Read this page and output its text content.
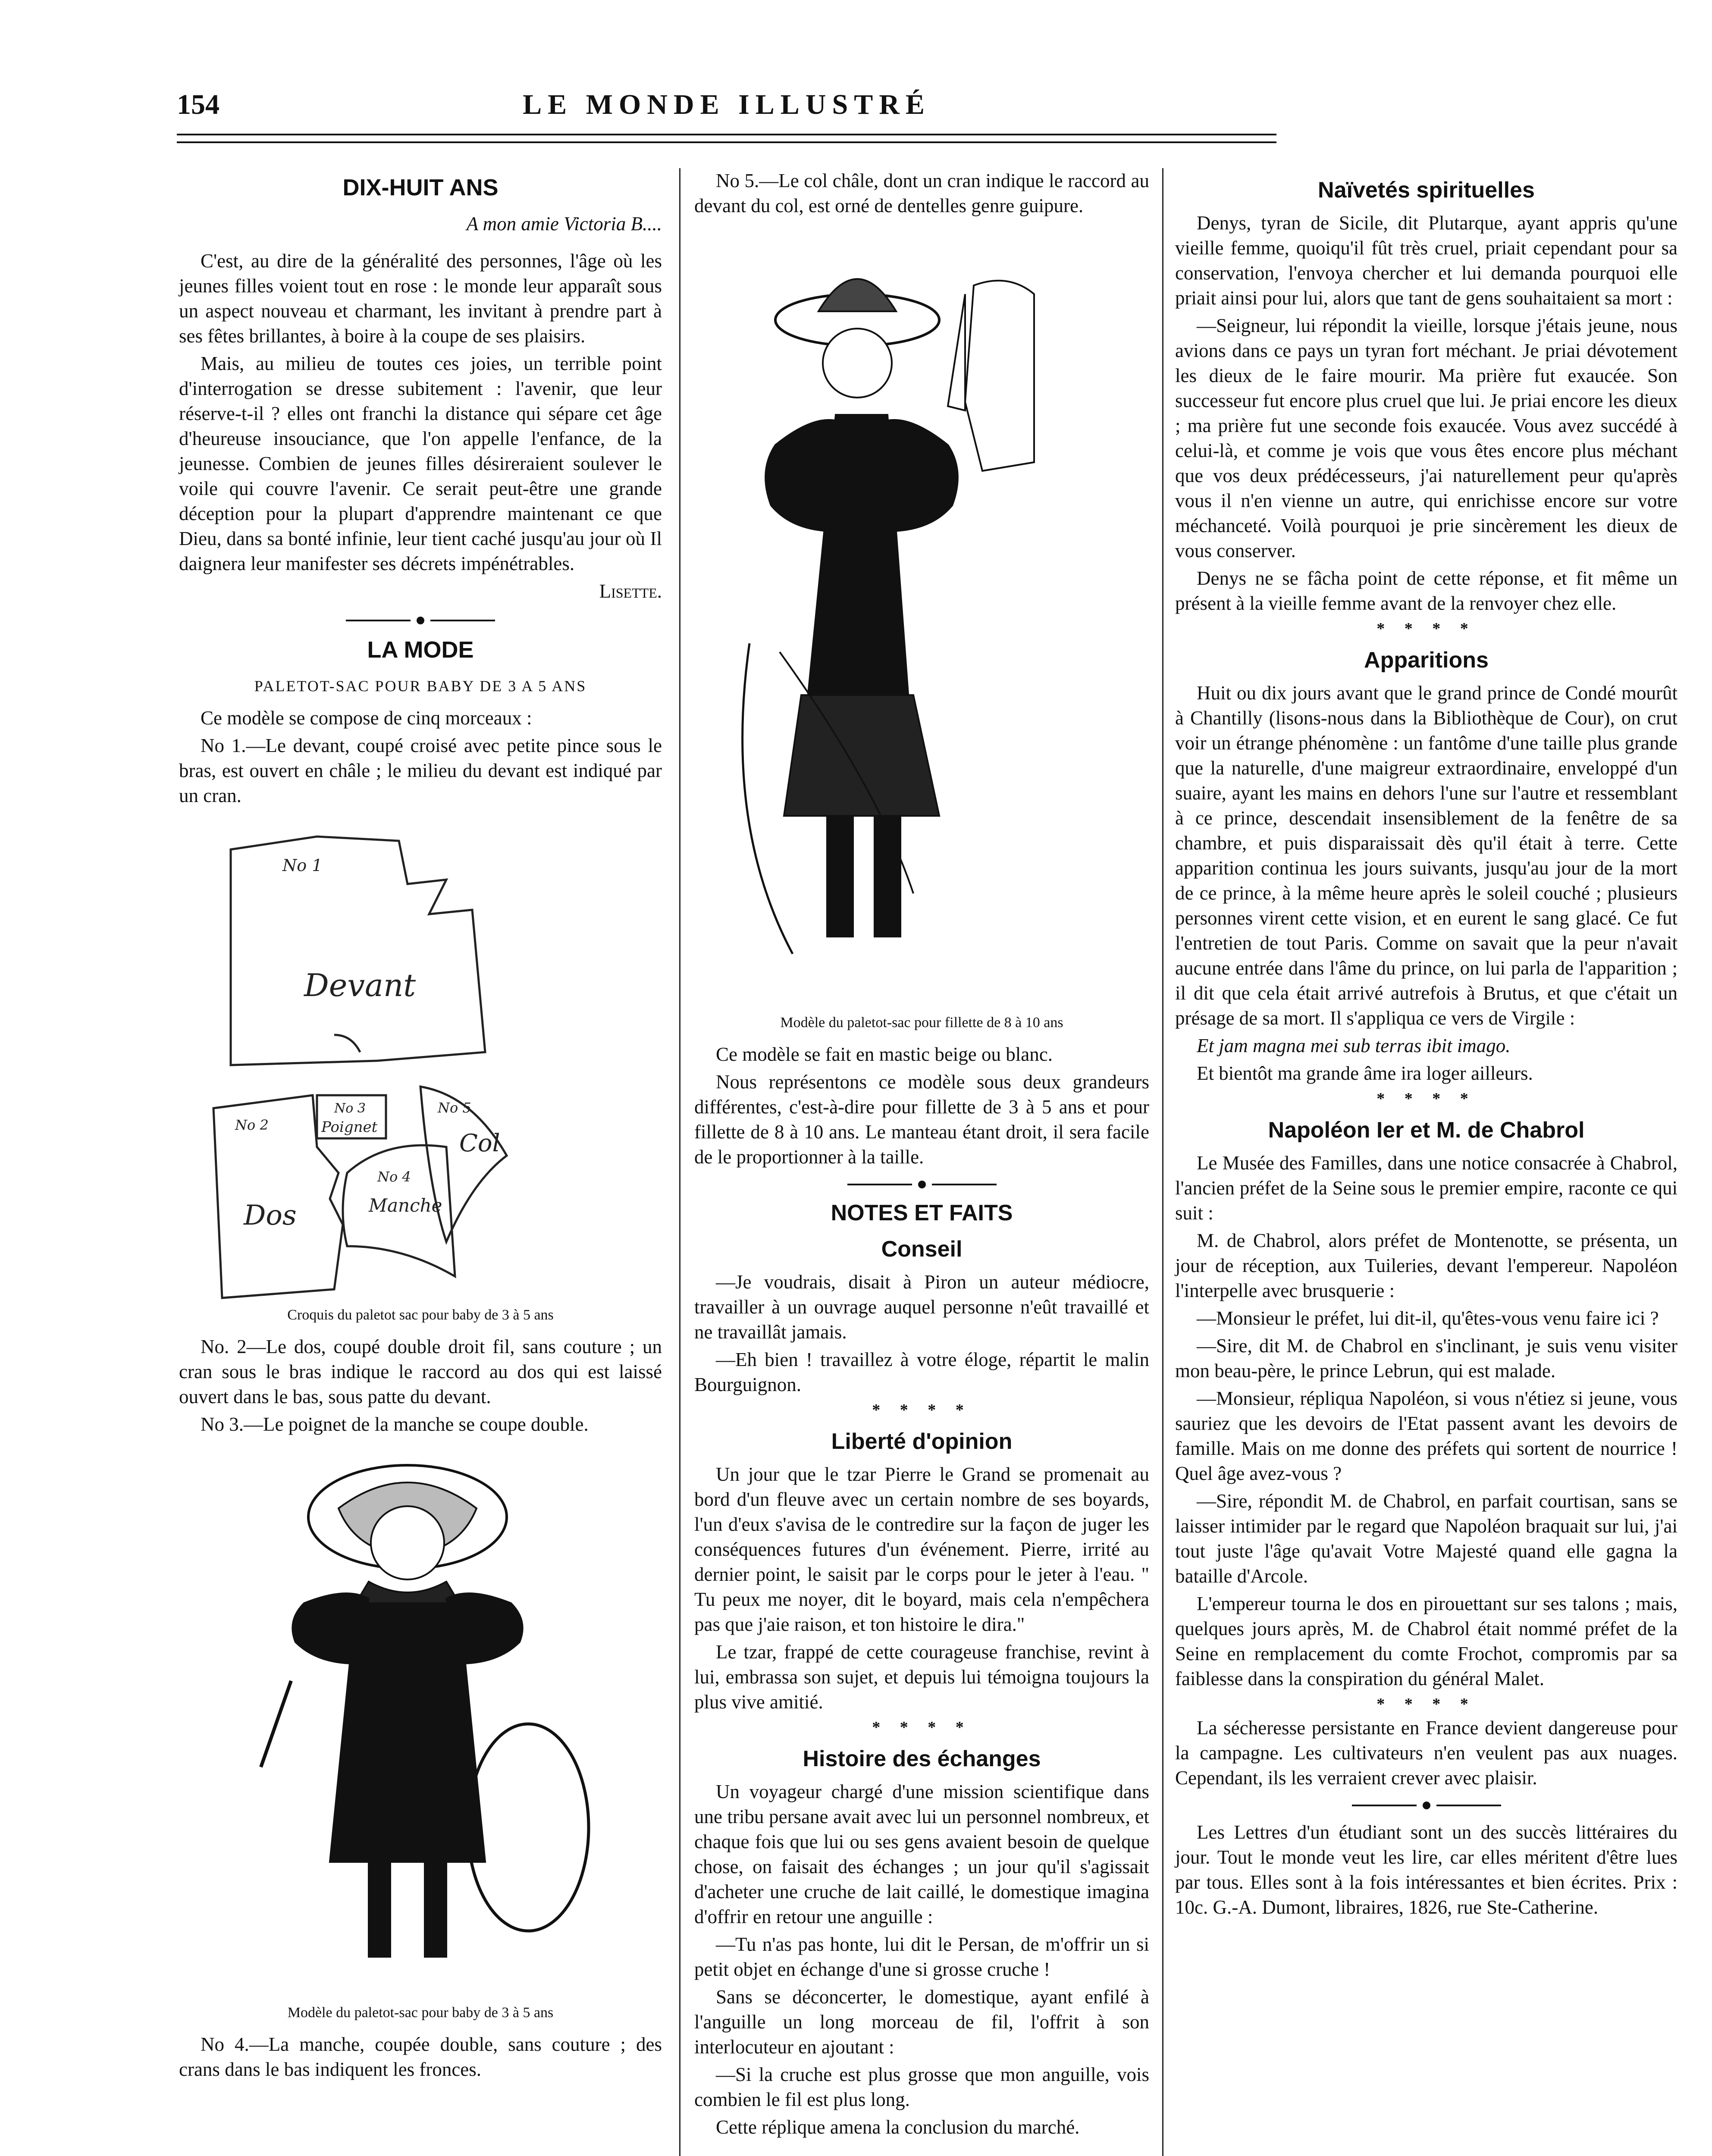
154	LE MONDE ILLUSTRÉ
DIX-HUIT ANS
A mon amie Victoria B....

C'est, au dire de la généralité des personnes, l'âge où les jeunes filles voient tout en rose : le monde leur apparaît sous un aspect nouveau et charmant, les invitant à prendre part à ses fêtes brillantes, à boire à la coupe de ses plaisirs.

Mais, au milieu de toutes ces joies, un terrible point d'interrogation se dresse subitement : l'avenir, que leur réserve-t-il ? elles ont franchi la distance qui sépare cet âge d'heureuse insouciance, que l'on appelle l'enfance, de la jeunesse. Combien de jeunes filles désireraient soulever le voile qui couvre l'avenir. Ce serait peut-être une grande déception pour la plupart d'apprendre maintenant ce que Dieu, dans sa bonté infinie, leur tient caché jusqu'au jour où Il daignera leur manifester ses décrets impénétrables.

Lisette.
LA MODE
PALETOT-SAC POUR BABY DE 3 A 5 ANS

Ce modèle se compose de cinq morceaux :

No 1.—Le devant, coupé croisé avec petite pince sous le bras, est ouvert en châle ; le milieu du devant est indiqué par un cran.

No 1
Devant
No 3
Poignet
No 5
Col
No 2
Dos
No 4
Manche
Croquis du paletot sac pour baby de 3 à 5 ans

No. 2—Le dos, coupé double droit fil, sans couture ; un cran sous le bras indique le raccord au dos qui est laissé ouvert dans le bas, sous patte du devant.

No 3.—Le poignet de la manche se coupe double.

Modèle du paletot-sac pour baby de 3 à 5 ans

No 4.—La manche, coupée double, sans couture ; des crans dans le bas indiquent les fronces.

No 5.—Le col châle, dont un cran indique le raccord au devant du col, est orné de dentelles genre guipure.

Modèle du paletot-sac pour fillette de 8 à 10 ans

Ce modèle se fait en mastic beige ou blanc.

Nous représentons ce modèle sous deux grandeurs différentes, c'est-à-dire pour fillette de 3 à 5 ans et pour fillette de 8 à 10 ans. Le manteau étant droit, il sera facile de le proportionner à la taille.

NOTES ET FAITS
Conseil

—Je voudrais, disait à Piron un auteur médiocre, travailler à un ouvrage auquel personne n'eût travaillé et ne travaillât jamais.

—Eh bien ! travaillez à votre éloge, répartit le malin Bourguignon.

* * * *
Liberté d'opinion

Un jour que le tzar Pierre le Grand se promenait au bord d'un fleuve avec un certain nombre de ses boyards, l'un d'eux s'avisa de le contredire sur la façon de juger les conséquences futures d'un événement. Pierre, irrité au dernier point, le saisit par le corps pour le jeter à l'eau. " Tu peux me noyer, dit le boyard, mais cela n'empêchera pas que j'aie raison, et ton histoire le dira."

Le tzar, frappé de cette courageuse franchise, revint à lui, embrassa son sujet, et depuis lui témoigna toujours la plus vive amitié.

* * * *
Histoire des échanges

Un voyageur chargé d'une mission scientifique dans une tribu persane avait avec lui un personnel nombreux, et chaque fois que lui ou ses gens avaient besoin de quelque chose, on faisait des échanges ; un jour qu'il s'agissait d'acheter une cruche de lait caillé, le domestique imagina d'offrir en retour une anguille :

—Tu n'as pas honte, lui dit le Persan, de m'offrir un si petit objet en échange d'une si grosse cruche !

Sans se déconcerter, le domestique, ayant enfilé à l'anguille un long morceau de fil, l'offrit à son interlocuteur en ajoutant :

—Si la cruche est plus grosse que mon anguille, vois combien le fil est plus long.

Cette réplique amena la conclusion du marché.

Naïvetés spirituelles

Denys, tyran de Sicile, dit Plutarque, ayant appris qu'une vieille femme, quoiqu'il fût très cruel, priait cependant pour sa conservation, l'envoya chercher et lui demanda pourquoi elle priait ainsi pour lui, alors que tant de gens souhaitaient sa mort :

—Seigneur, lui répondit la vieille, lorsque j'étais jeune, nous avions dans ce pays un tyran fort méchant. Je priai dévotement les dieux de le faire mourir. Ma prière fut exaucée. Son successeur fut encore plus cruel que lui. Je priai encore les dieux ; ma prière fut une seconde fois exaucée. Vous avez succédé à celui-là, et comme je vois que vous êtes encore plus méchant que vos deux prédécesseurs, j'ai naturellement peur qu'après vous il n'en vienne un autre, qui enrichisse encore sur votre méchanceté. Voilà pourquoi je prie sincèrement les dieux de vous conserver.

Denys ne se fâcha point de cette réponse, et fit même un présent à la vieille femme avant de la renvoyer chez elle.

* * * *
Apparitions

Huit ou dix jours avant que le grand prince de Condé mourût à Chantilly (lisons-nous dans la Bibliothèque de Cour), on crut voir un étrange phénomène : un fantôme d'une taille plus grande que la naturelle, d'une maigreur extraordinaire, enveloppé d'un suaire, ayant les mains en dehors l'une sur l'autre et ressemblant à ce prince, descendait insensiblement de la fenêtre de sa chambre, et puis disparaissait dès qu'il était à terre. Cette apparition continua les jours suivants, jusqu'au jour de la mort de ce prince, à la même heure après le soleil couché ; plusieurs personnes virent cette vision, et en eurent le sang glacé. Ce fut l'entretien de tout Paris. Comme on savait que la peur n'avait aucune entrée dans l'âme du prince, on lui parla de l'apparition ; il dit que cela était arrivé autrefois à Brutus, et que c'était un présage de sa mort. Il s'appliqua ce vers de Virgile :

Et jam magna mei sub terras ibit imago.

Et bientôt ma grande âme ira loger ailleurs.

* * * *
Napoléon Ier et M. de Chabrol

Le Musée des Familles, dans une notice consacrée à Chabrol, l'ancien préfet de la Seine sous le premier empire, raconte ce qui suit :

M. de Chabrol, alors préfet de Montenotte, se présenta, un jour de réception, aux Tuileries, devant l'empereur. Napoléon l'interpelle avec brusquerie :

—Monsieur le préfet, lui dit-il, qu'êtes-vous venu faire ici ?

—Sire, dit M. de Chabrol en s'inclinant, je suis venu visiter mon beau-père, le prince Lebrun, qui est malade.

—Monsieur, répliqua Napoléon, si vous n'étiez si jeune, vous sauriez que les devoirs de l'Etat passent avant les devoirs de famille. Mais on me donne des préfets qui sortent de nourrice ! Quel âge avez-vous ?

—Sire, répondit M. de Chabrol, en parfait courtisan, sans se laisser intimider par le regard que Napoléon braquait sur lui, j'ai tout juste l'âge qu'avait Votre Majesté quand elle gagna la bataille d'Arcole.

L'empereur tourna le dos en pirouettant sur ses talons ; mais, quelques jours après, M. de Chabrol était nommé préfet de la Seine en remplacement du comte Frochot, compromis par sa faiblesse dans la conspiration du général Malet.

* * * *

La sécheresse persistante en France devient dangereuse pour la campagne. Les cultivateurs n'en veulent pas aux nuages. Cependant, ils les verraient crever avec plaisir.

Les Lettres d'un étudiant sont un des succès littéraires du jour. Tout le monde veut les lire, car elles méritent d'être lues par tous. Elles sont à la fois intéressantes et bien écrites. Prix : 10c. G.-A. Dumont, libraires, 1826, rue Ste-Catherine.
